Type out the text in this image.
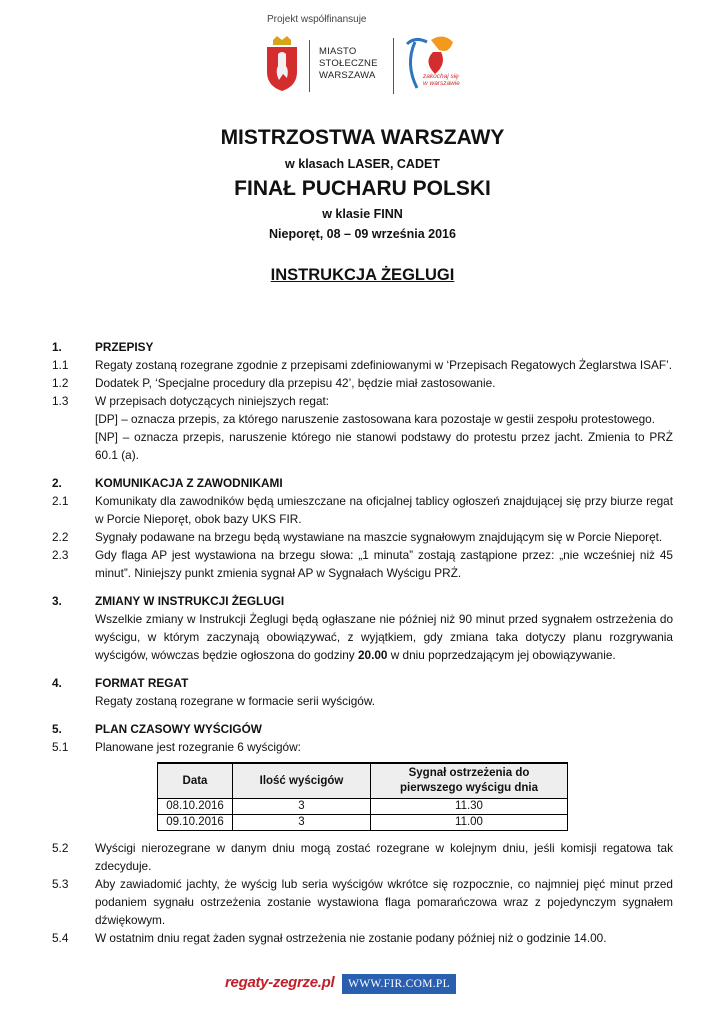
Projekt współfinansuje
MIASTO
STOŁECZNE
WARSZAWA	zakochaj się
w warszawie
MISTRZOSTWA WARSZAWY
w klasach LASER, CADET
FINAŁ PUCHARU POLSKI
w klasie FINN
Nieporęt, 08 – 09 września 2016
INSTRUKCJA ŻEGLUGI
1.	PRZEPISY
1.1	Regaty zostaną rozegrane zgodnie z przepisami zdefiniowanymi w ‘Przepisach Regatowych Żeglarstwa ISAF’.
1.2	Dodatek P, ‘Specjalne procedury dla przepisu 42’, będzie miał zastosowanie.
1.3	W przepisach dotyczących niniejszych regat:
[DP] – oznacza przepis, za którego naruszenie zastosowana kara pozostaje w gestii zespołu protestowego.
[NP] – oznacza przepis, naruszenie którego nie stanowi podstawy do protestu przez jacht. Zmienia to PRŻ 60.1 (a).
2.	KOMUNIKACJA Z ZAWODNIKAMI
2.1	Komunikaty dla zawodników będą umieszczane na oficjalnej tablicy ogłoszeń znajdującej się przy biurze regat w Porcie Nieporęt, obok bazy UKS FIR.
2.2	Sygnały podawane na brzegu będą wystawiane na maszcie sygnałowym znajdującym się w Porcie Nieporęt.
2.3	Gdy flaga AP jest wystawiona na brzegu słowa: „1 minuta” zostają zastąpione przez: „nie wcześniej niż 45 minut”. Niniejszy punkt zmienia sygnał AP w Sygnałach Wyścigu PRŻ.
3.	ZMIANY W INSTRUKCJI ŻEGLUGI
Wszelkie zmiany w Instrukcji Żeglugi będą ogłaszane nie później niż 90 minut przed sygnałem ostrzeżenia do wyścigu, w którym zaczynają obowiązywać, z wyjątkiem, gdy zmiana taka dotyczy planu rozgrywania wyścigów, wówczas będzie ogłoszona do godziny 20.00 w dniu poprzedzającym jej obowiązywanie.
4.	FORMAT REGAT
Regaty zostaną rozegrane w formacie serii wyścigów.
5.	PLAN CZASOWY WYŚCIGÓW
5.1	Planowane jest rozegranie 6 wyścigów:
Data	Ilość wyścigów	Sygnał ostrzeżenia do pierwszego wyścigu dnia
08.10.2016	3	11.30
09.10.2016	3	11.00
5.2	Wyścigi nierozegrane w danym dniu mogą zostać rozegrane w kolejnym dniu, jeśli komisji regatowa tak zdecyduje.
5.3	Aby zawiadomić jachty, że wyścig lub seria wyścigów wkrótce się rozpocznie, co najmniej pięć minut przed podaniem sygnału ostrzeżenia zostanie wystawiona flaga pomarańczowa wraz z pojedynczym sygnałem dźwiękowym.
5.4	W ostatnim dniu regat żaden sygnał ostrzeżenia nie zostanie podany później niż o godzinie 14.00.
regaty-zegrze.pl	WWW.FIR.COM.PL
